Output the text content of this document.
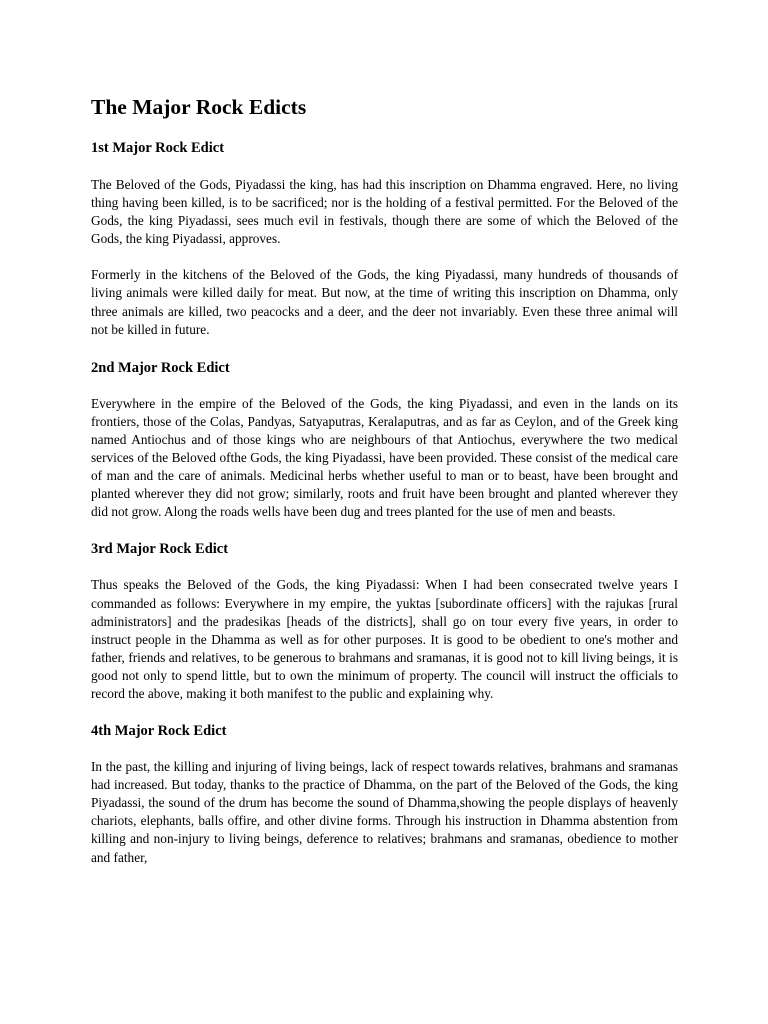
The Major Rock Edicts
1st Major Rock Edict

The Beloved of the Gods, Piyadassi the king, has had this inscription on Dhamma engraved. Here, no living thing having been killed, is to be sacrificed; nor is the holding of a festival permitted. For the Beloved of the Gods, the king Piyadassi, sees much evil in festivals, though there are some of which the Beloved of the Gods, the king Piyadassi, approves.

Formerly in the kitchens of the Beloved of the Gods, the king Piyadassi, many hundreds of thousands of living animals were killed daily for meat. But now, at the time of writing this inscription on Dhamma, only three animals are killed, two peacocks and a deer, and the deer not invariably. Even these three animal will not be killed in future.

2nd Major Rock Edict

Everywhere in the empire of the Beloved of the Gods, the king Piyadassi, and even in the lands on its frontiers, those of the Colas, Pandyas, Satyaputras, Keralaputras, and as far as Ceylon, and of the Greek king named Antiochus and of those kings who are neighbours of that Antiochus, everywhere the two medical services of the Beloved ofthe Gods, the king Piyadassi, have been provided. These consist of the medical care of man and the care of animals. Medicinal herbs whether useful to man or to beast, have been brought and planted wherever they did not grow; similarly, roots and fruit have been brought and planted wherever they did not grow. Along the roads wells have been dug and trees planted for the use of men and beasts.

3rd Major Rock Edict

Thus speaks the Beloved of the Gods, the king Piyadassi: When I had been consecrated twelve years I commanded as follows: Everywhere in my empire, the yuktas [subordinate officers] with the rajukas [rural administrators] and the pradesikas [heads of the districts], shall go on tour every five years, in order to instruct people in the Dhamma as well as for other purposes. It is good to be obedient to one's mother and father, friends and relatives, to be generous to brahmans and sramanas, it is good not to kill living beings, it is good not only to spend little, but to own the minimum of property. The council will instruct the officials to record the above, making it both manifest to the public and explaining why.

4th Major Rock Edict

In the past, the killing and injuring of living beings, lack of respect towards relatives, brahmans and sramanas had increased. But today, thanks to the practice of Dhamma, on the part of the Beloved of the Gods, the king Piyadassi, the sound of the drum has become the sound of Dhamma,showing the people displays of heavenly chariots, elephants, balls offire, and other divine forms. Through his instruction in Dhamma abstention from killing and non-injury to living beings, deference to relatives; brahmans and sramanas, obedience to mother and father,
